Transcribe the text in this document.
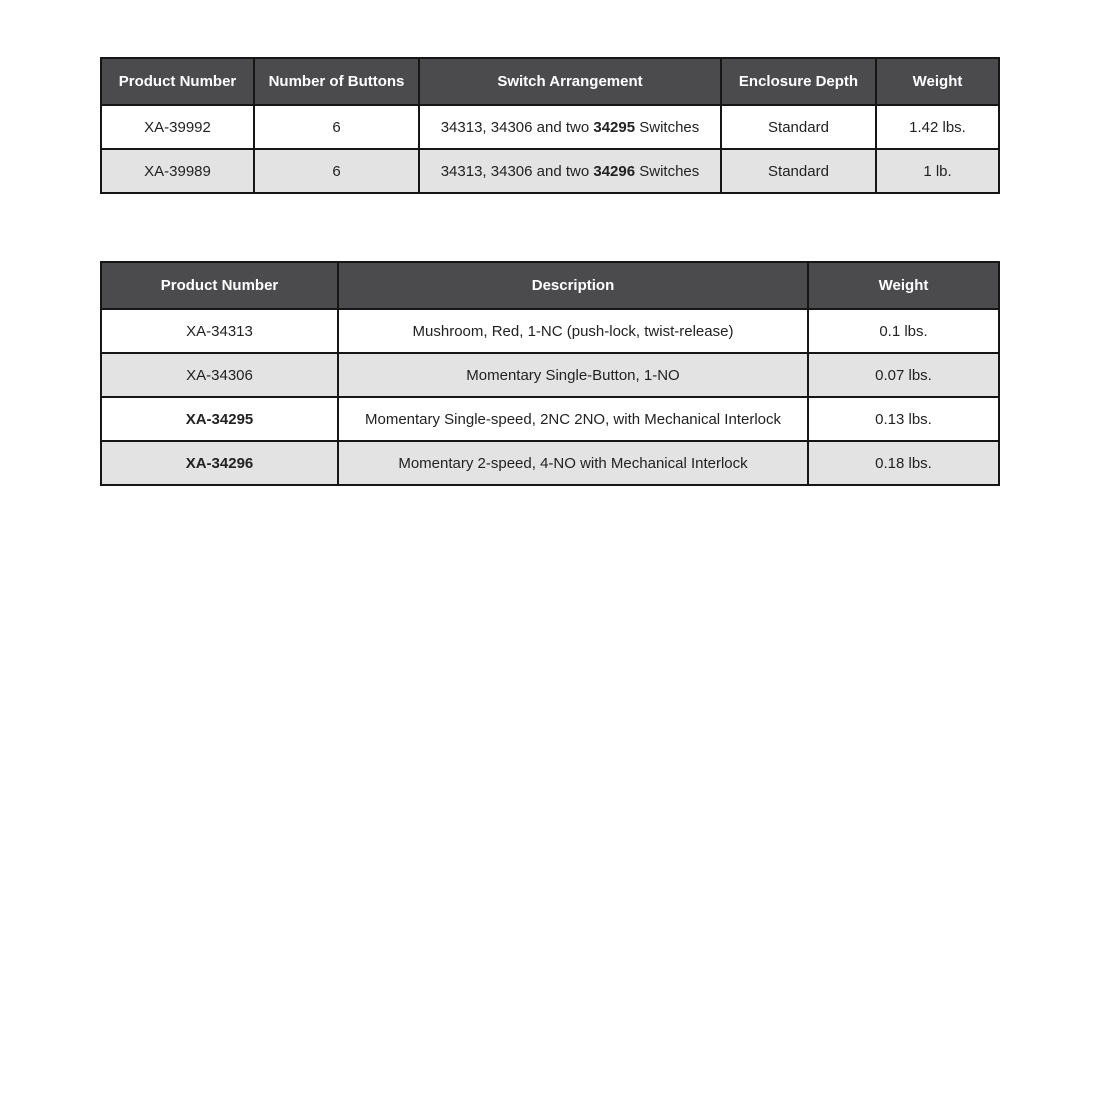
Product Number	Number of Buttons	Switch Arrangement	Enclosure Depth	Weight
XA-39992	6	34313, 34306 and two 34295 Switches	Standard	1.42 lbs.
XA-39989	6	34313, 34306 and two 34296 Switches	Standard	1 lb.
Product Number	Description	Weight
XA-34313	Mushroom, Red, 1-NC (push-lock, twist-release)	0.1 lbs.
XA-34306	Momentary Single-Button, 1-NO	0.07 lbs.
XA-34295	Momentary Single-speed, 2NC 2NO, with Mechanical Interlock	0.13 lbs.
XA-34296	Momentary 2-speed, 4-NO with Mechanical Interlock	0.18 lbs.
